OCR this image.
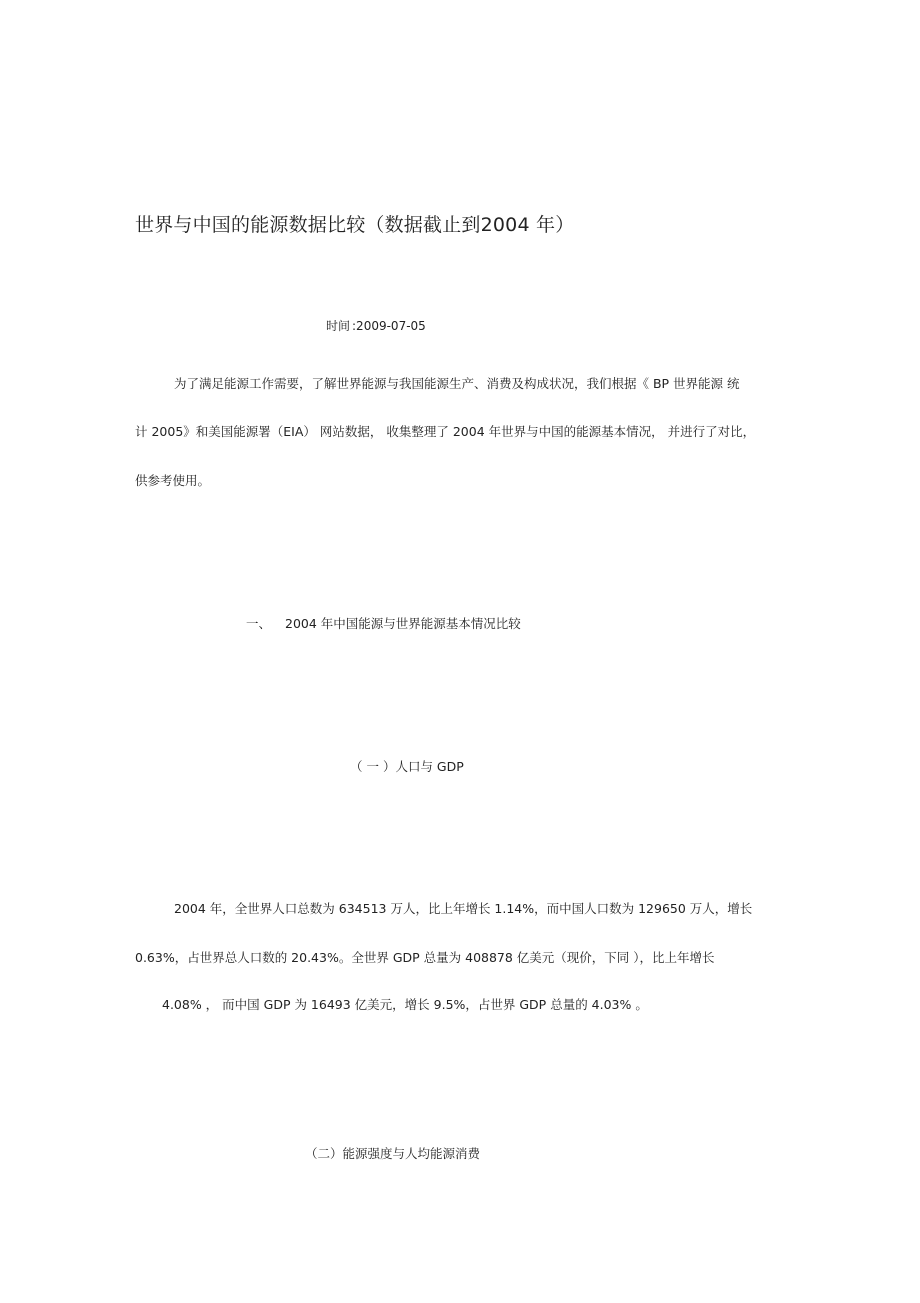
世界与中国的能源数据比较（数据截止到2004 年）
时间 :2009-07-05
为了满足能源工作需要，了解世界能源与我国能源生产、消费及构成状况，我们根据《 BP 世界能源 统
计 2005》和美国能源署（EIA） 网站数据， 收集整理了 2004 年世界与中国的能源基本情况， 并进行了对比，
供参考使用。
一、 2004 年中国能源与世界能源基本情况比较
（ 一 ）人口与 GDP
2004 年，全世界人口总数为 634513 万人，比上年增长 1.14%，而中国人口数为 129650 万人，增长
0.63%，占世界总人口数的 20.43%。全世界 GDP 总量为 408878 亿美元（现价，下同 ），比上年增长
4.08% ， 而中国 GDP 为 16493 亿美元，增长 9.5%，占世界 GDP 总量的 4.03% 。
（二）能源强度与人均能源消费
